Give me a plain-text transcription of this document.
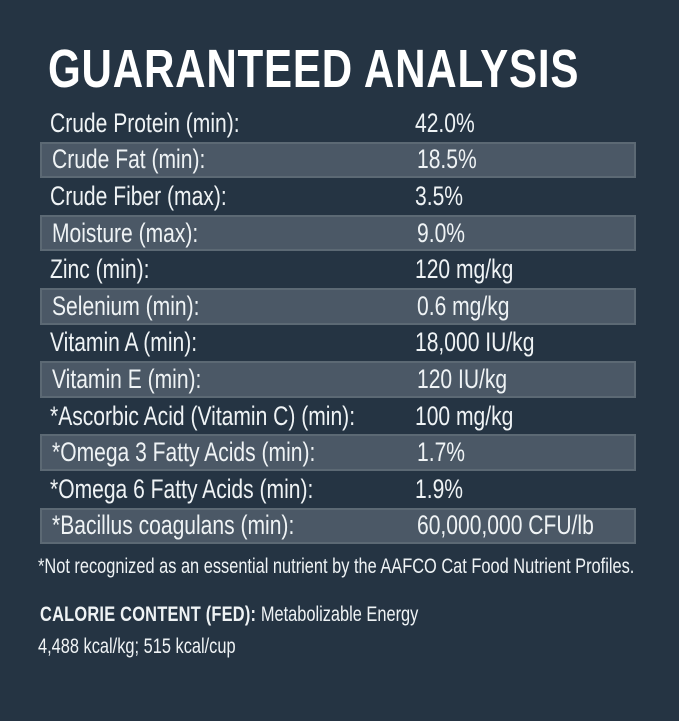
GUARANTEED ANALYSIS
Crude Protein (min):	42.0%
Crude Fat (min):	18.5%
Crude Fiber (max):	3.5%
Moisture (max):	9.0%
Zinc (min):	120 mg/kg
Selenium (min):	0.6 mg/kg
Vitamin A (min):	18,000 IU/kg
Vitamin E (min):	120 IU/kg
*Ascorbic Acid (Vitamin C) (min): 100 mg/kg
*Omega 3 Fatty Acids (min):	1.7%
*Omega 6 Fatty Acids (min):	1.9%
*Bacillus coagulans (min):	60,000,000 CFU/lb

*Not recognized as an essential nutrient by the AAFCO Cat Food Nutrient Profiles.

CALORIE CONTENT (FED): Metabolizable Energy

4,488 kcal/kg; 515 kcal/cup
